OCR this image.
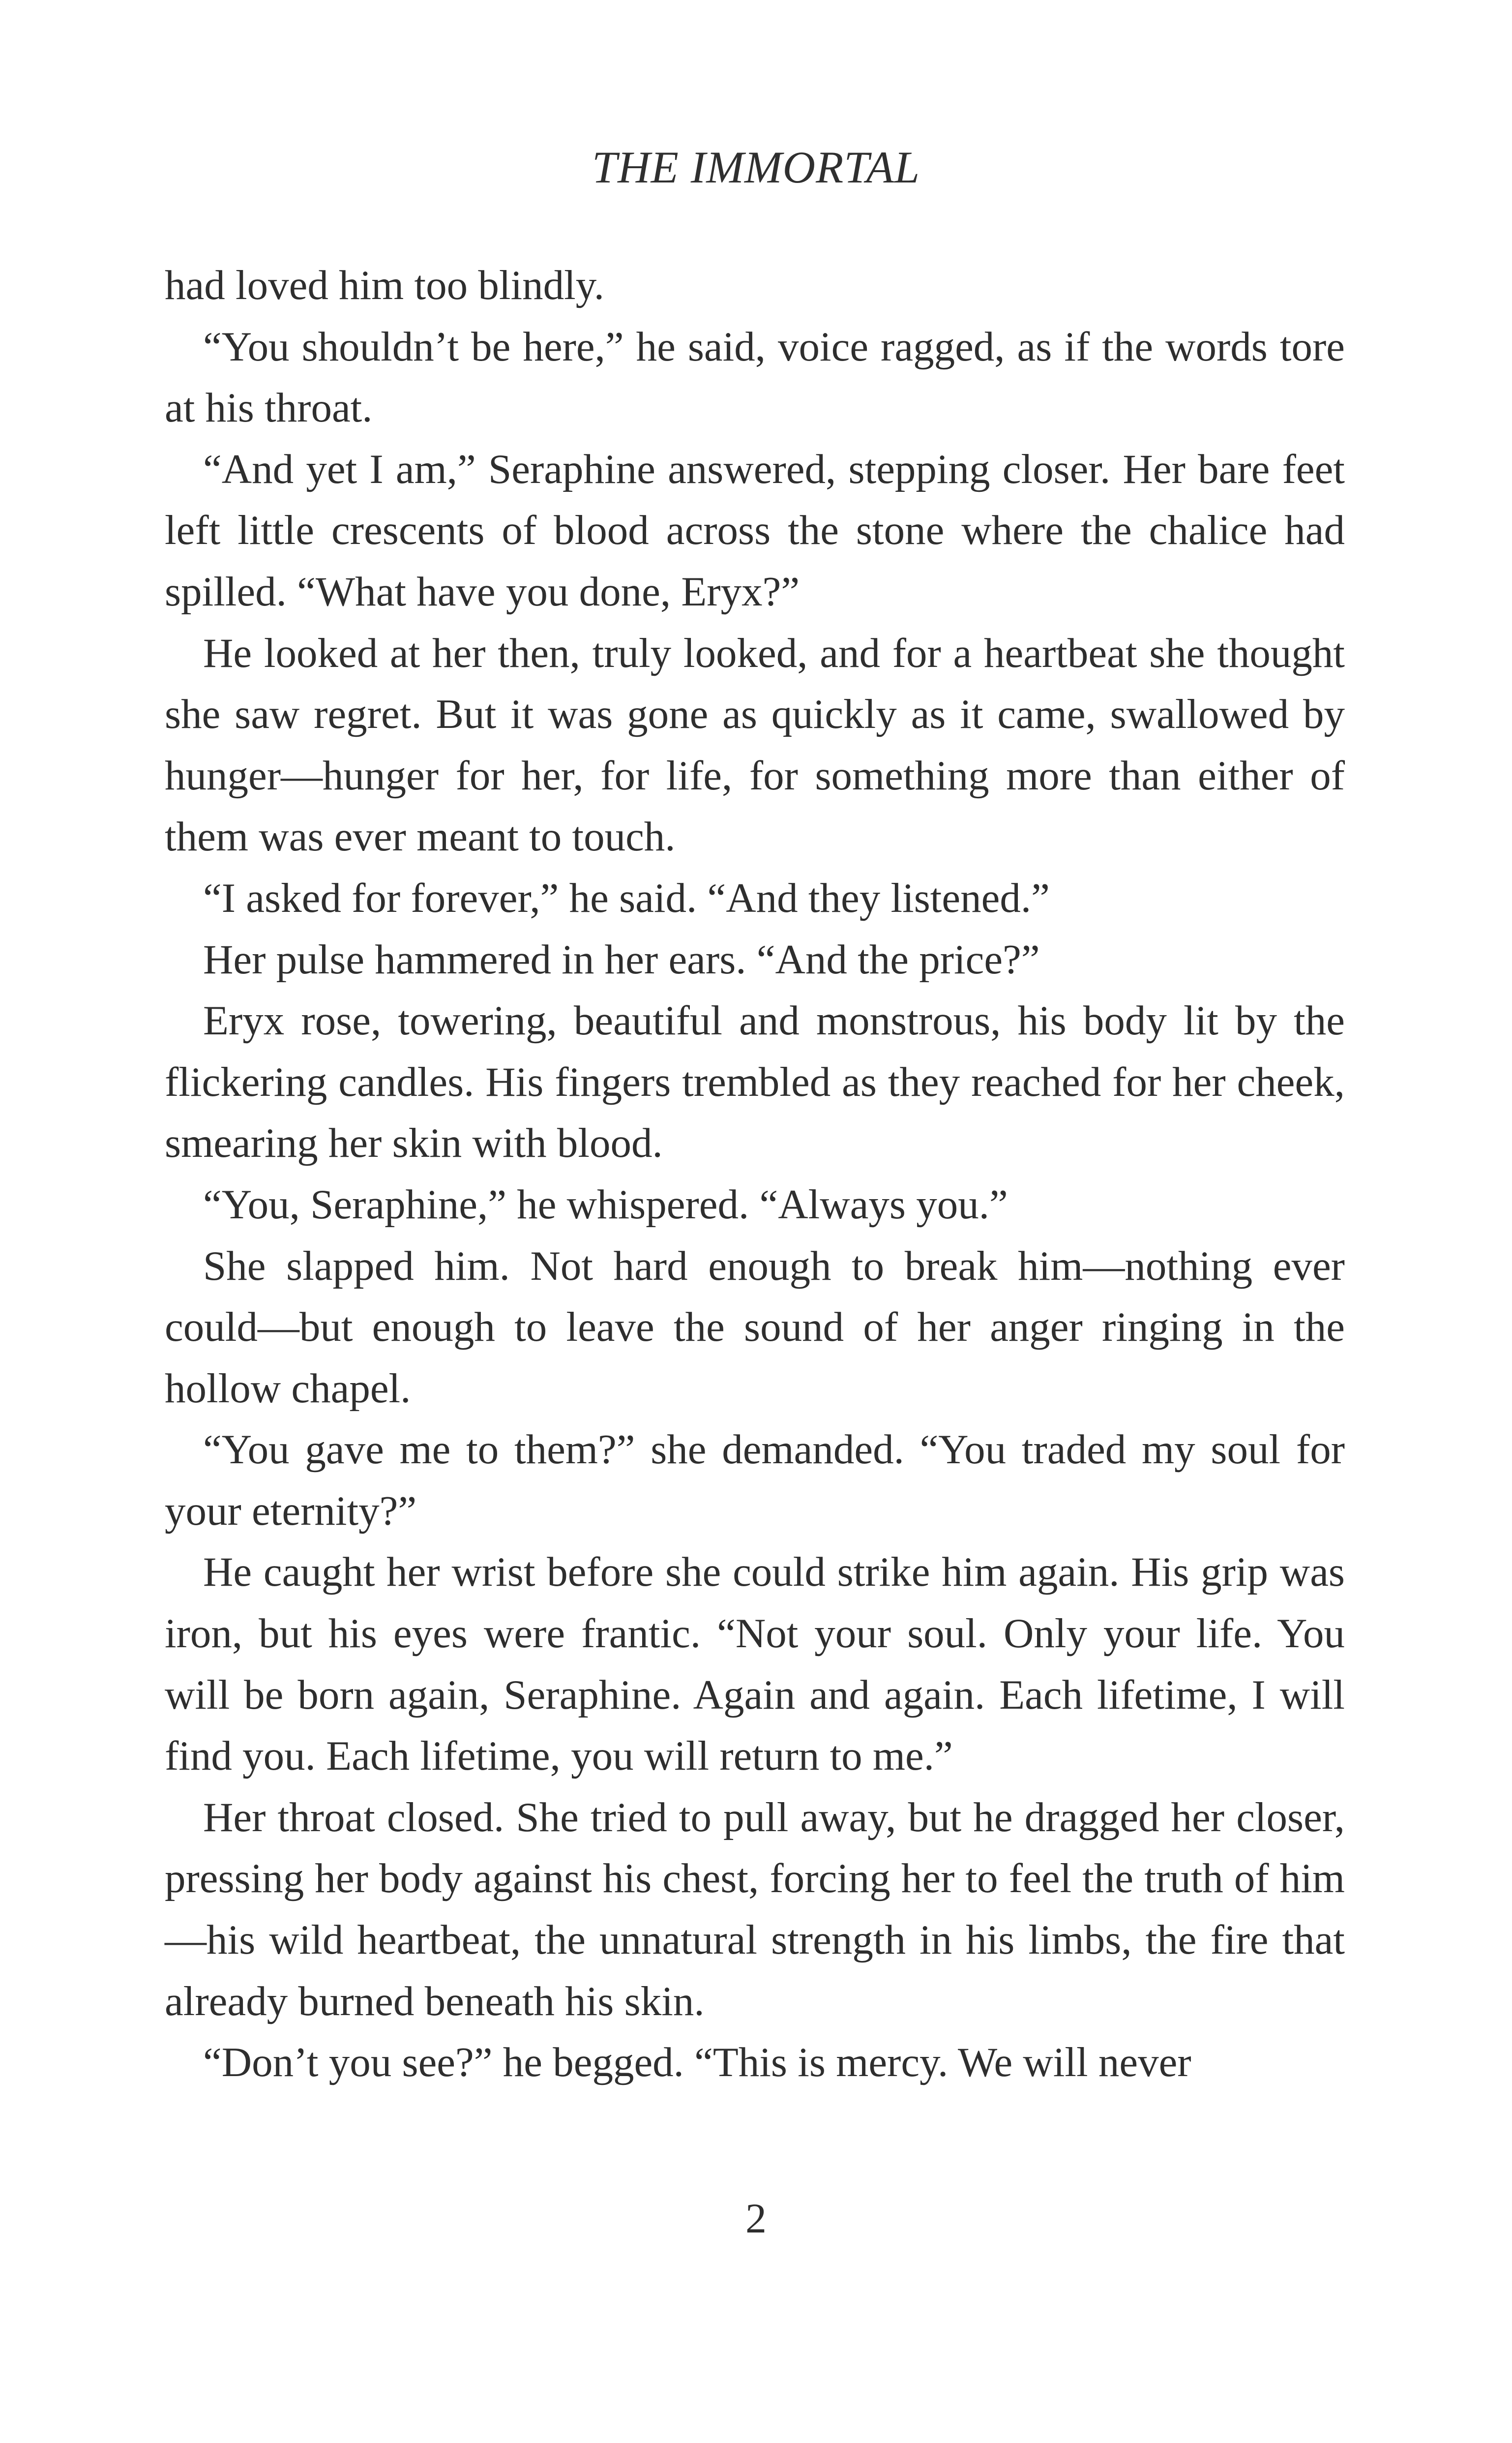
THE IMMORTAL

had loved him too blindly.

“You shouldn’t be here,” he said, voice ragged, as if the words tore at his throat.

“And yet I am,” Seraphine answered, stepping closer. Her bare feet left little crescents of blood across the stone where the chalice had spilled. “What have you done, Eryx?”

He looked at her then, truly looked, and for a heartbeat she thought she saw regret. But it was gone as quickly as it came, swallowed by hunger—hunger for her, for life, for something more than either of them was ever meant to touch.

“I asked for forever,” he said. “And they listened.”

Her pulse hammered in her ears. “And the price?”

Eryx rose, towering, beautiful and monstrous, his body lit by the flickering candles. His fingers trembled as they reached for her cheek, smearing her skin with blood.

“You, Seraphine,” he whispered. “Always you.”

She slapped him. Not hard enough to break him—nothing ever could—but enough to leave the sound of her anger ringing in the hollow chapel.

“You gave me to them?” she demanded. “You traded my soul for your eternity?”

He caught her wrist before she could strike him again. His grip was iron, but his eyes were frantic. “Not your soul. Only your life. You will be born again, Seraphine. Again and again. Each lifetime, I will find you. Each lifetime, you will return to me.”

Her throat closed. She tried to pull away, but he dragged her closer, pressing her body against his chest, forcing her to feel the truth of him—his wild heartbeat, the unnatural strength in his limbs, the fire that already burned beneath his skin.

“Don’t you see?” he begged. “This is mercy. We will never

2
